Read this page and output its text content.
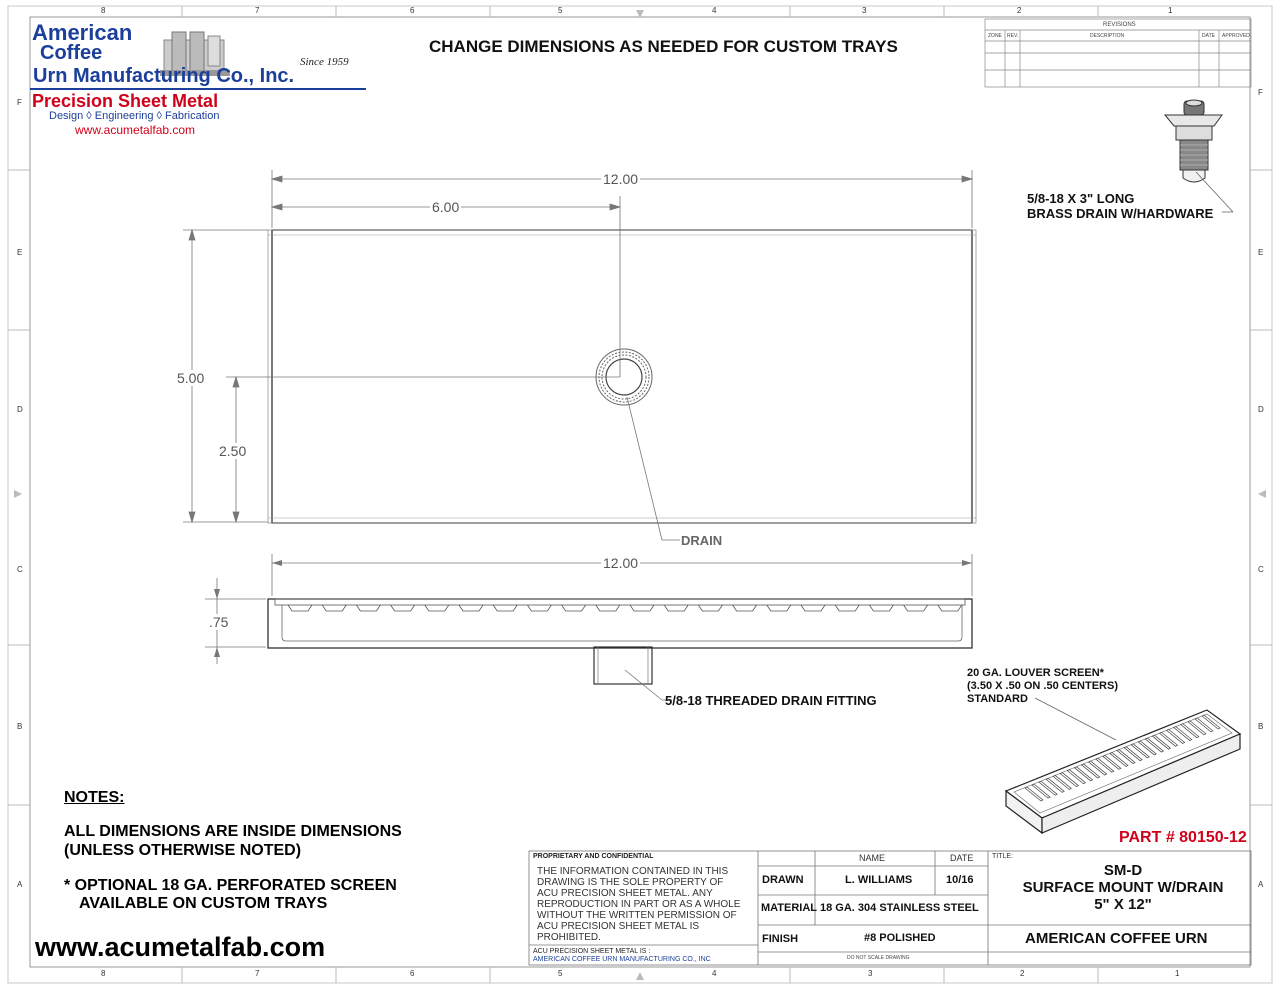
8	7	6	5	4	3	2	1
8	7	6	5	4	3	2	1
F
E
D
C
B
A
F
E
D
C
B
A
American
Coffee
Urn Manufacturing Co., Inc.
Since 1959
Precision Sheet Metal
Design ◊ Engineering ◊ Fabrication
www.acumetalfab.com
CHANGE DIMENSIONS AS NEEDED FOR CUSTOM TRAYS
REVISIONS
ZONE REV.	DESCRIPTION	DATE APPROVED
5/8-18 X 3" LONG
BRASS DRAIN W/HARDWARE
DRAIN
5/8-18 THREADED DRAIN FITTING
20 GA. LOUVER SCREEN*
(3.50 X .50 ON .50 CENTERS)
STANDARD
12.00
6.00
5.00
2.50
12.00
.75
PART # 80150-12
NOTES:
ALL DIMENSIONS ARE INSIDE DIMENSIONS
(UNLESS OTHERWISE NOTED)
* OPTIONAL 18 GA. PERFORATED SCREEN
AVAILABLE ON CUSTOM TRAYS
www.acumetalfab.com
PROPRIETARY AND CONFIDENTIAL
THE INFORMATION CONTAINED IN THIS
DRAWING IS THE SOLE PROPERTY OF
ACU PRECISION SHEET METAL. ANY
REPRODUCTION IN PART OR AS A WHOLE
WITHOUT THE WRITTEN PERMISSION OF
ACU PRECISION SHEET METAL IS
PROHIBITED.
ACU PRECISION SHEET METAL IS :
AMERICAN COFFEE URN MANUFACTURING CO., INC
NAME	DATE	TITLE:
DRAWN	L. WILLIAMS	10/16
MATERIAL 18 GA. 304 STAINLESS STEEL
FINISH	#8 POLISHED
SM-D
SURFACE MOUNT W/DRAIN
5" X 12"
AMERICAN COFFEE URN
DO NOT SCALE DRAWING
